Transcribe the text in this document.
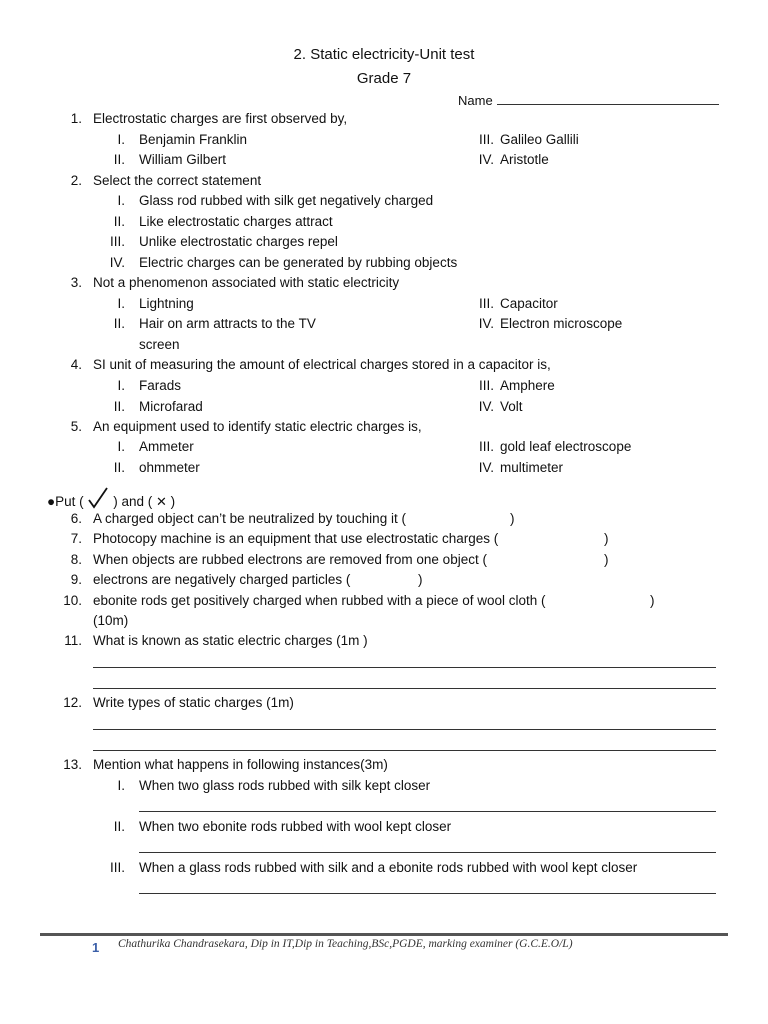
2. Static electricity-Unit test
Grade 7
Name
1. Electrostatic charges are first observed by,
I. Benjamin Franklin
II. William Gilbert
III. Galileo Gallili
IV. Aristotle
2. Select the correct statement
I. Glass rod rubbed with silk get negatively charged
II. Like electrostatic charges attract
III. Unlike electrostatic charges repel
IV. Electric charges can be generated by rubbing objects
3. Not a phenomenon associated with static electricity
I. Lightning
II. Hair on arm attracts to the TV
screen
III. Capacitor
IV. Electron microscope
4. SI unit of measuring the amount of electrical charges stored in a capacitor is,
I. Farads
II. Microfarad
III. Amphere
IV. Volt
5. An equipment used to identify static electric charges is,
I. Ammeter
II. ohmmeter
III. gold leaf electroscope
IV. multimeter
●Put ( ) and ( ✕ )
6. A charged object can’t be neutralized by touching it (	)
7. Photocopy machine is an equipment that use electrostatic charges (	)
8. When objects are rubbed electrons are removed from one object (	)
9. electrons are negatively charged particles (	)
10. ebonite rods get positively charged when rubbed with a piece of wool cloth (	)
(10m)
11. What is known as static electric charges (1m )
12. Write types of static charges (1m)
13. Mention what happens in following instances(3m)
I. When two glass rods rubbed with silk kept closer
II. When two ebonite rods rubbed with wool kept closer
III. When a glass rods rubbed with silk and a ebonite rods rubbed with wool kept closer
1 Chathurika Chandrasekara, Dip in IT,Dip in Teaching,BSc,PGDE, marking examiner (G.C.E.O/L)
